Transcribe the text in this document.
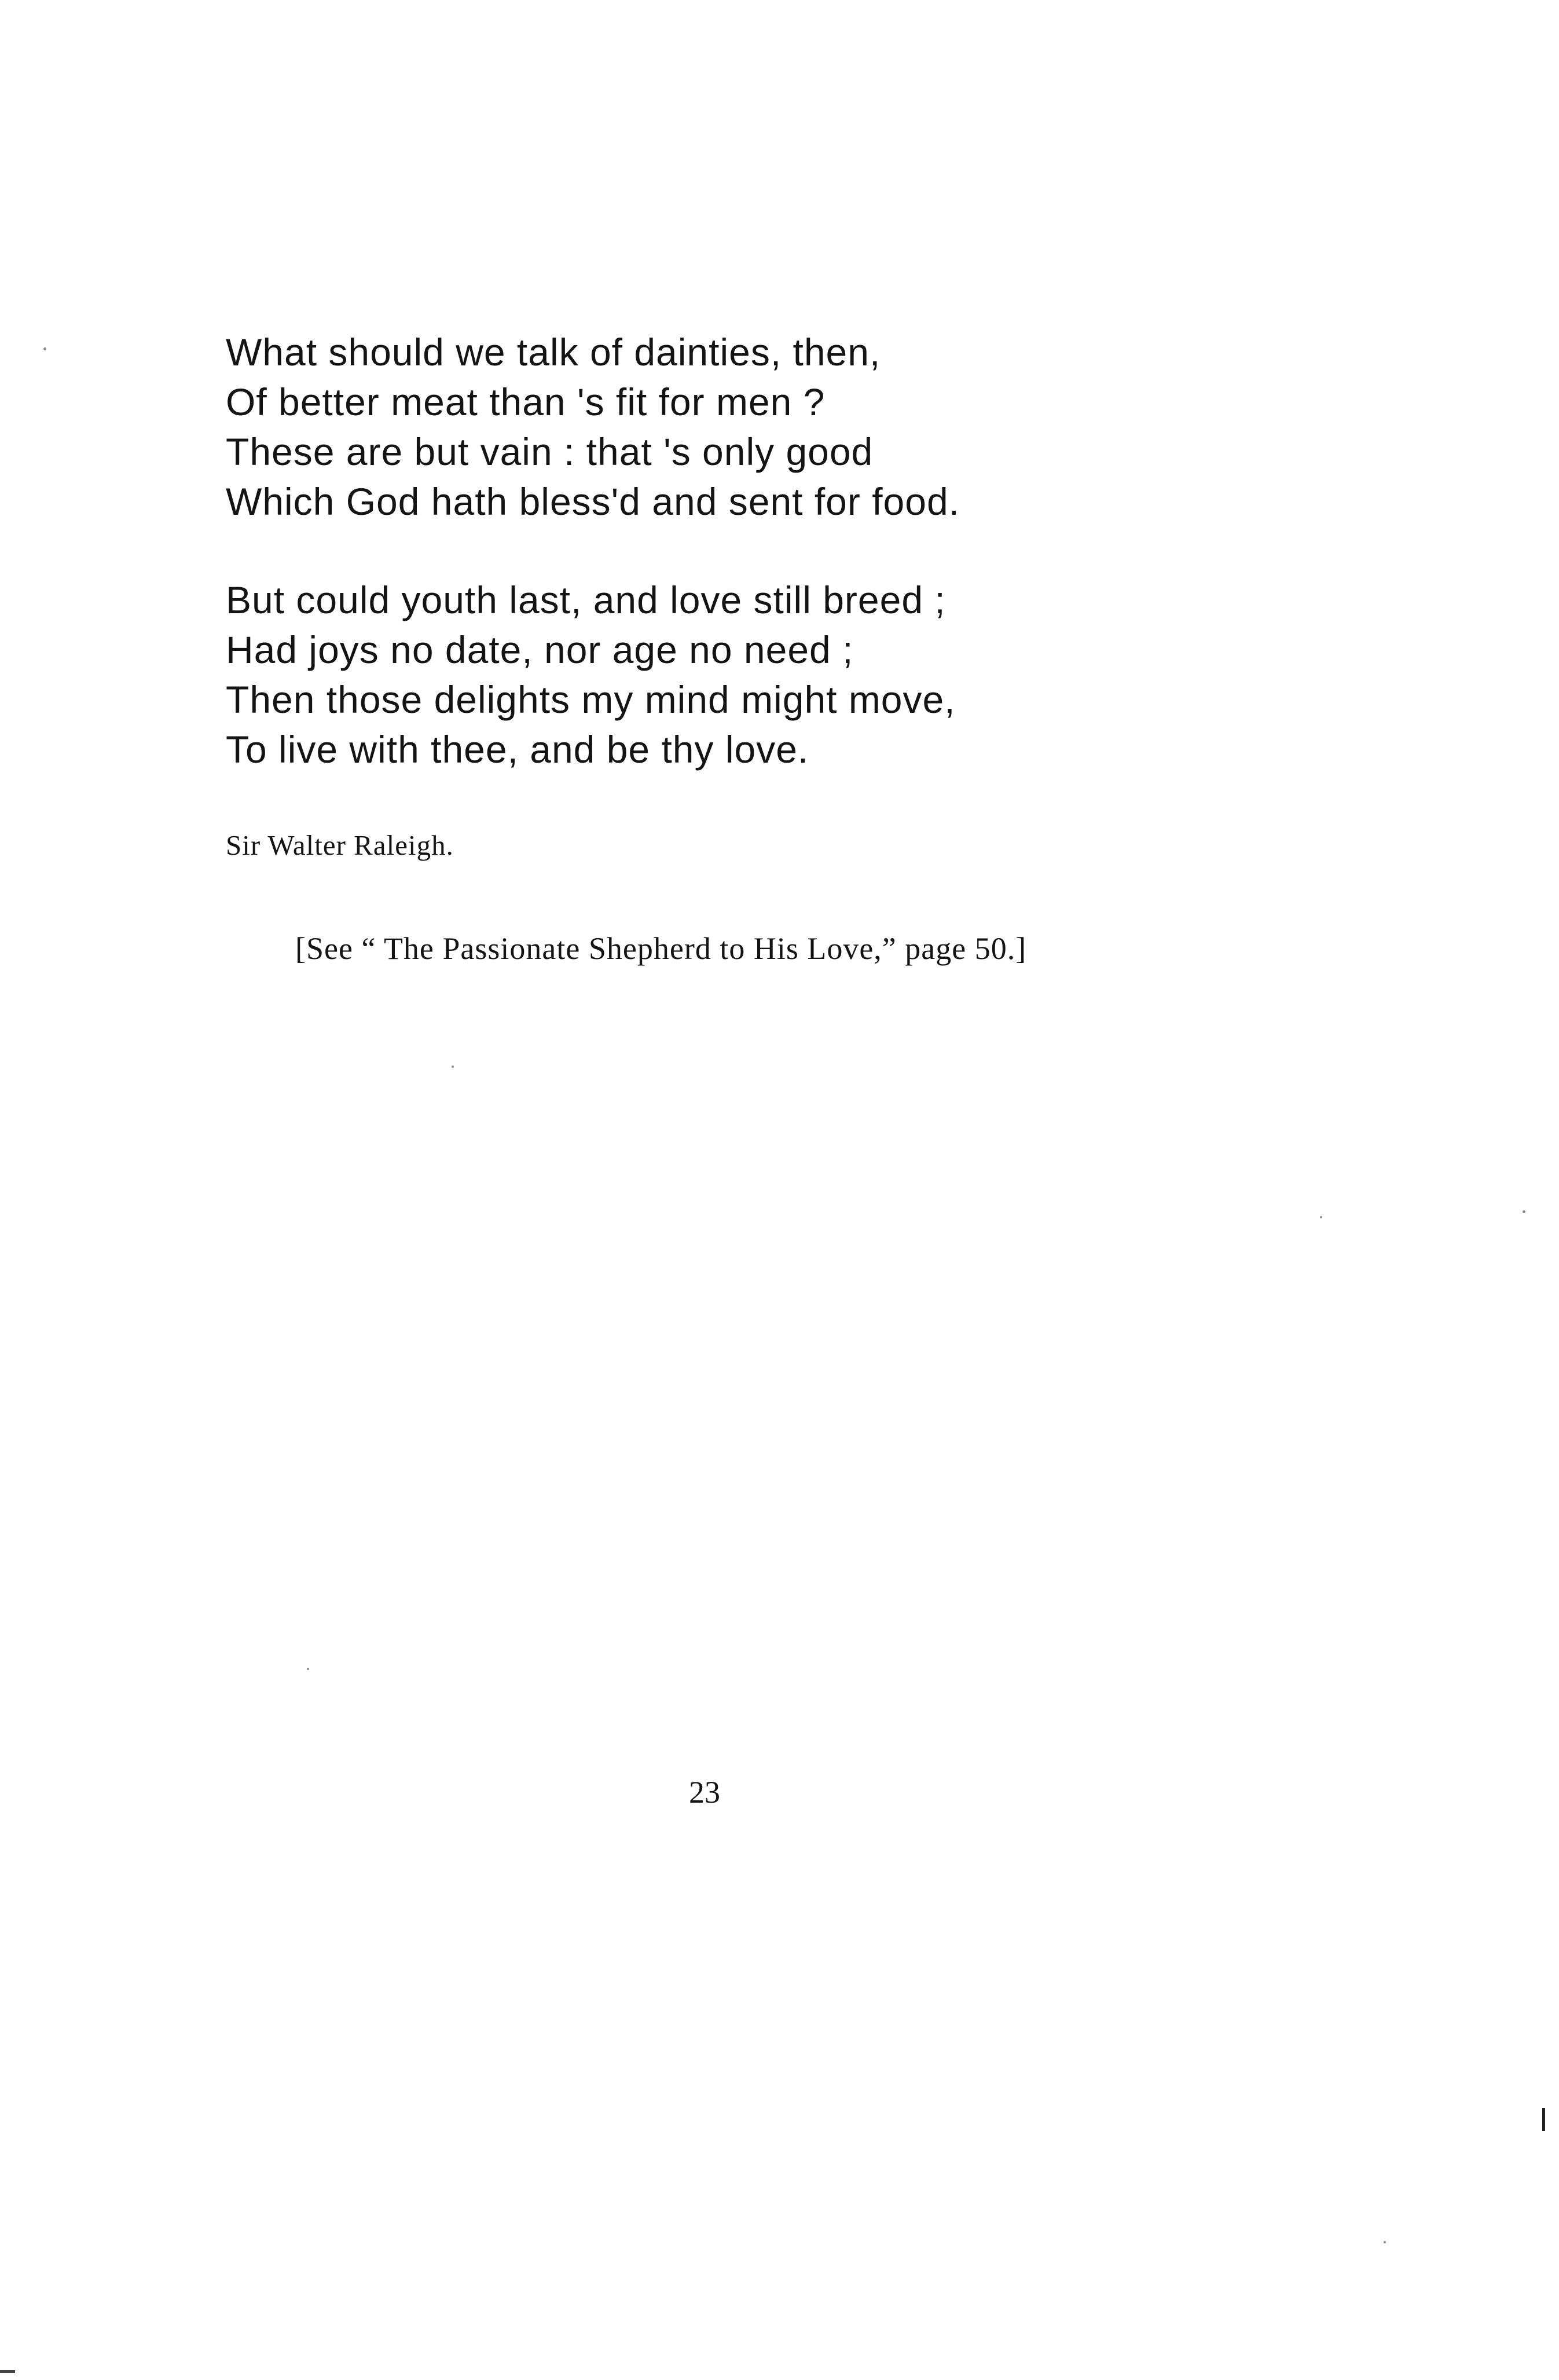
What should we talk of dainties, then,
Of better meat than 's fit for men ?
These are but vain : that 's only good
Which God hath bless'd and sent for food.

But could youth last, and love still breed ;
Had joys no date, nor age no need ;
Then those delights my mind might move,
To live with thee, and be thy love.

Sir Walter Raleigh.
[See “ The Passionate Shepherd to His Love,” page 50.]
23
